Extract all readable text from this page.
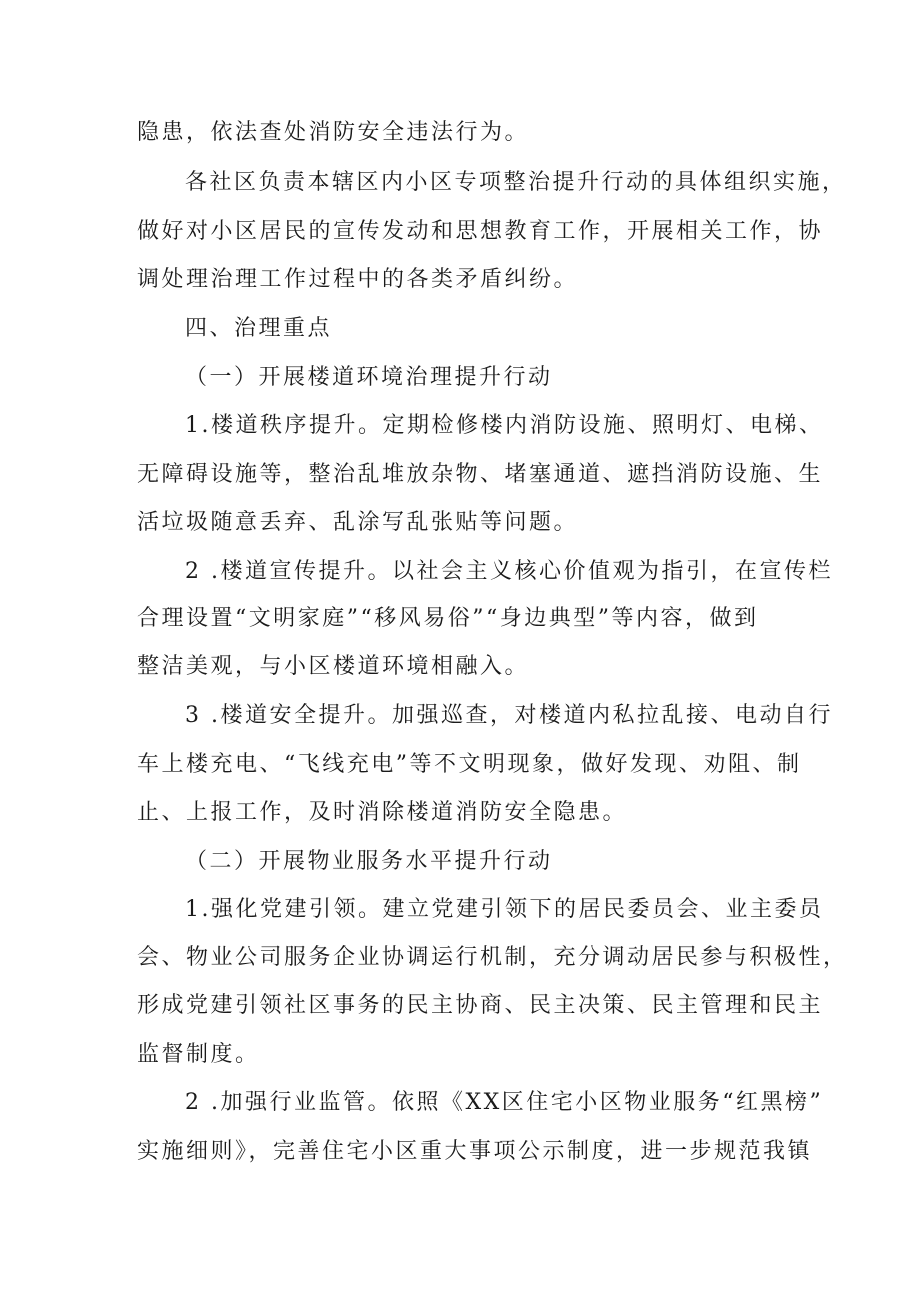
隐患，依法查处消防安全违法行为。
各社区负责本辖区内小区专项整治提升行动的具体组织实施，
做好对小区居民的宣传发动和思想教育工作，开展相关工作，协
调处理治理工作过程中的各类矛盾纠纷。
四、治理重点
（一）开展楼道环境治理提升行动
1.楼道秩序提升。定期检修楼内消防设施、照明灯、电梯、
无障碍设施等，整治乱堆放杂物、堵塞通道、遮挡消防设施、生
活垃圾随意丢弃、乱涂写乱张贴等问题。
2 .楼道宣传提升。以社会主义核心价值观为指引，在宣传栏
合理设置“文明家庭”“移风易俗”“身边典型”等内容，做到
整洁美观，与小区楼道环境相融入。
3 .楼道安全提升。加强巡查，对楼道内私拉乱接、电动自行
车上楼充电、“飞线充电”等不文明现象，做好发现、劝阻、制
止、上报工作，及时消除楼道消防安全隐患。
（二）开展物业服务水平提升行动
1.强化党建引领。建立党建引领下的居民委员会、业主委员
会、物业公司服务企业协调运行机制，充分调动居民参与积极性，
形成党建引领社区事务的民主协商、民主决策、民主管理和民主
监督制度。
2 .加强行业监管。依照《XX区住宅小区物业服务“红黑榜”
实施细则》，完善住宅小区重大事项公示制度，进一步规范我镇
